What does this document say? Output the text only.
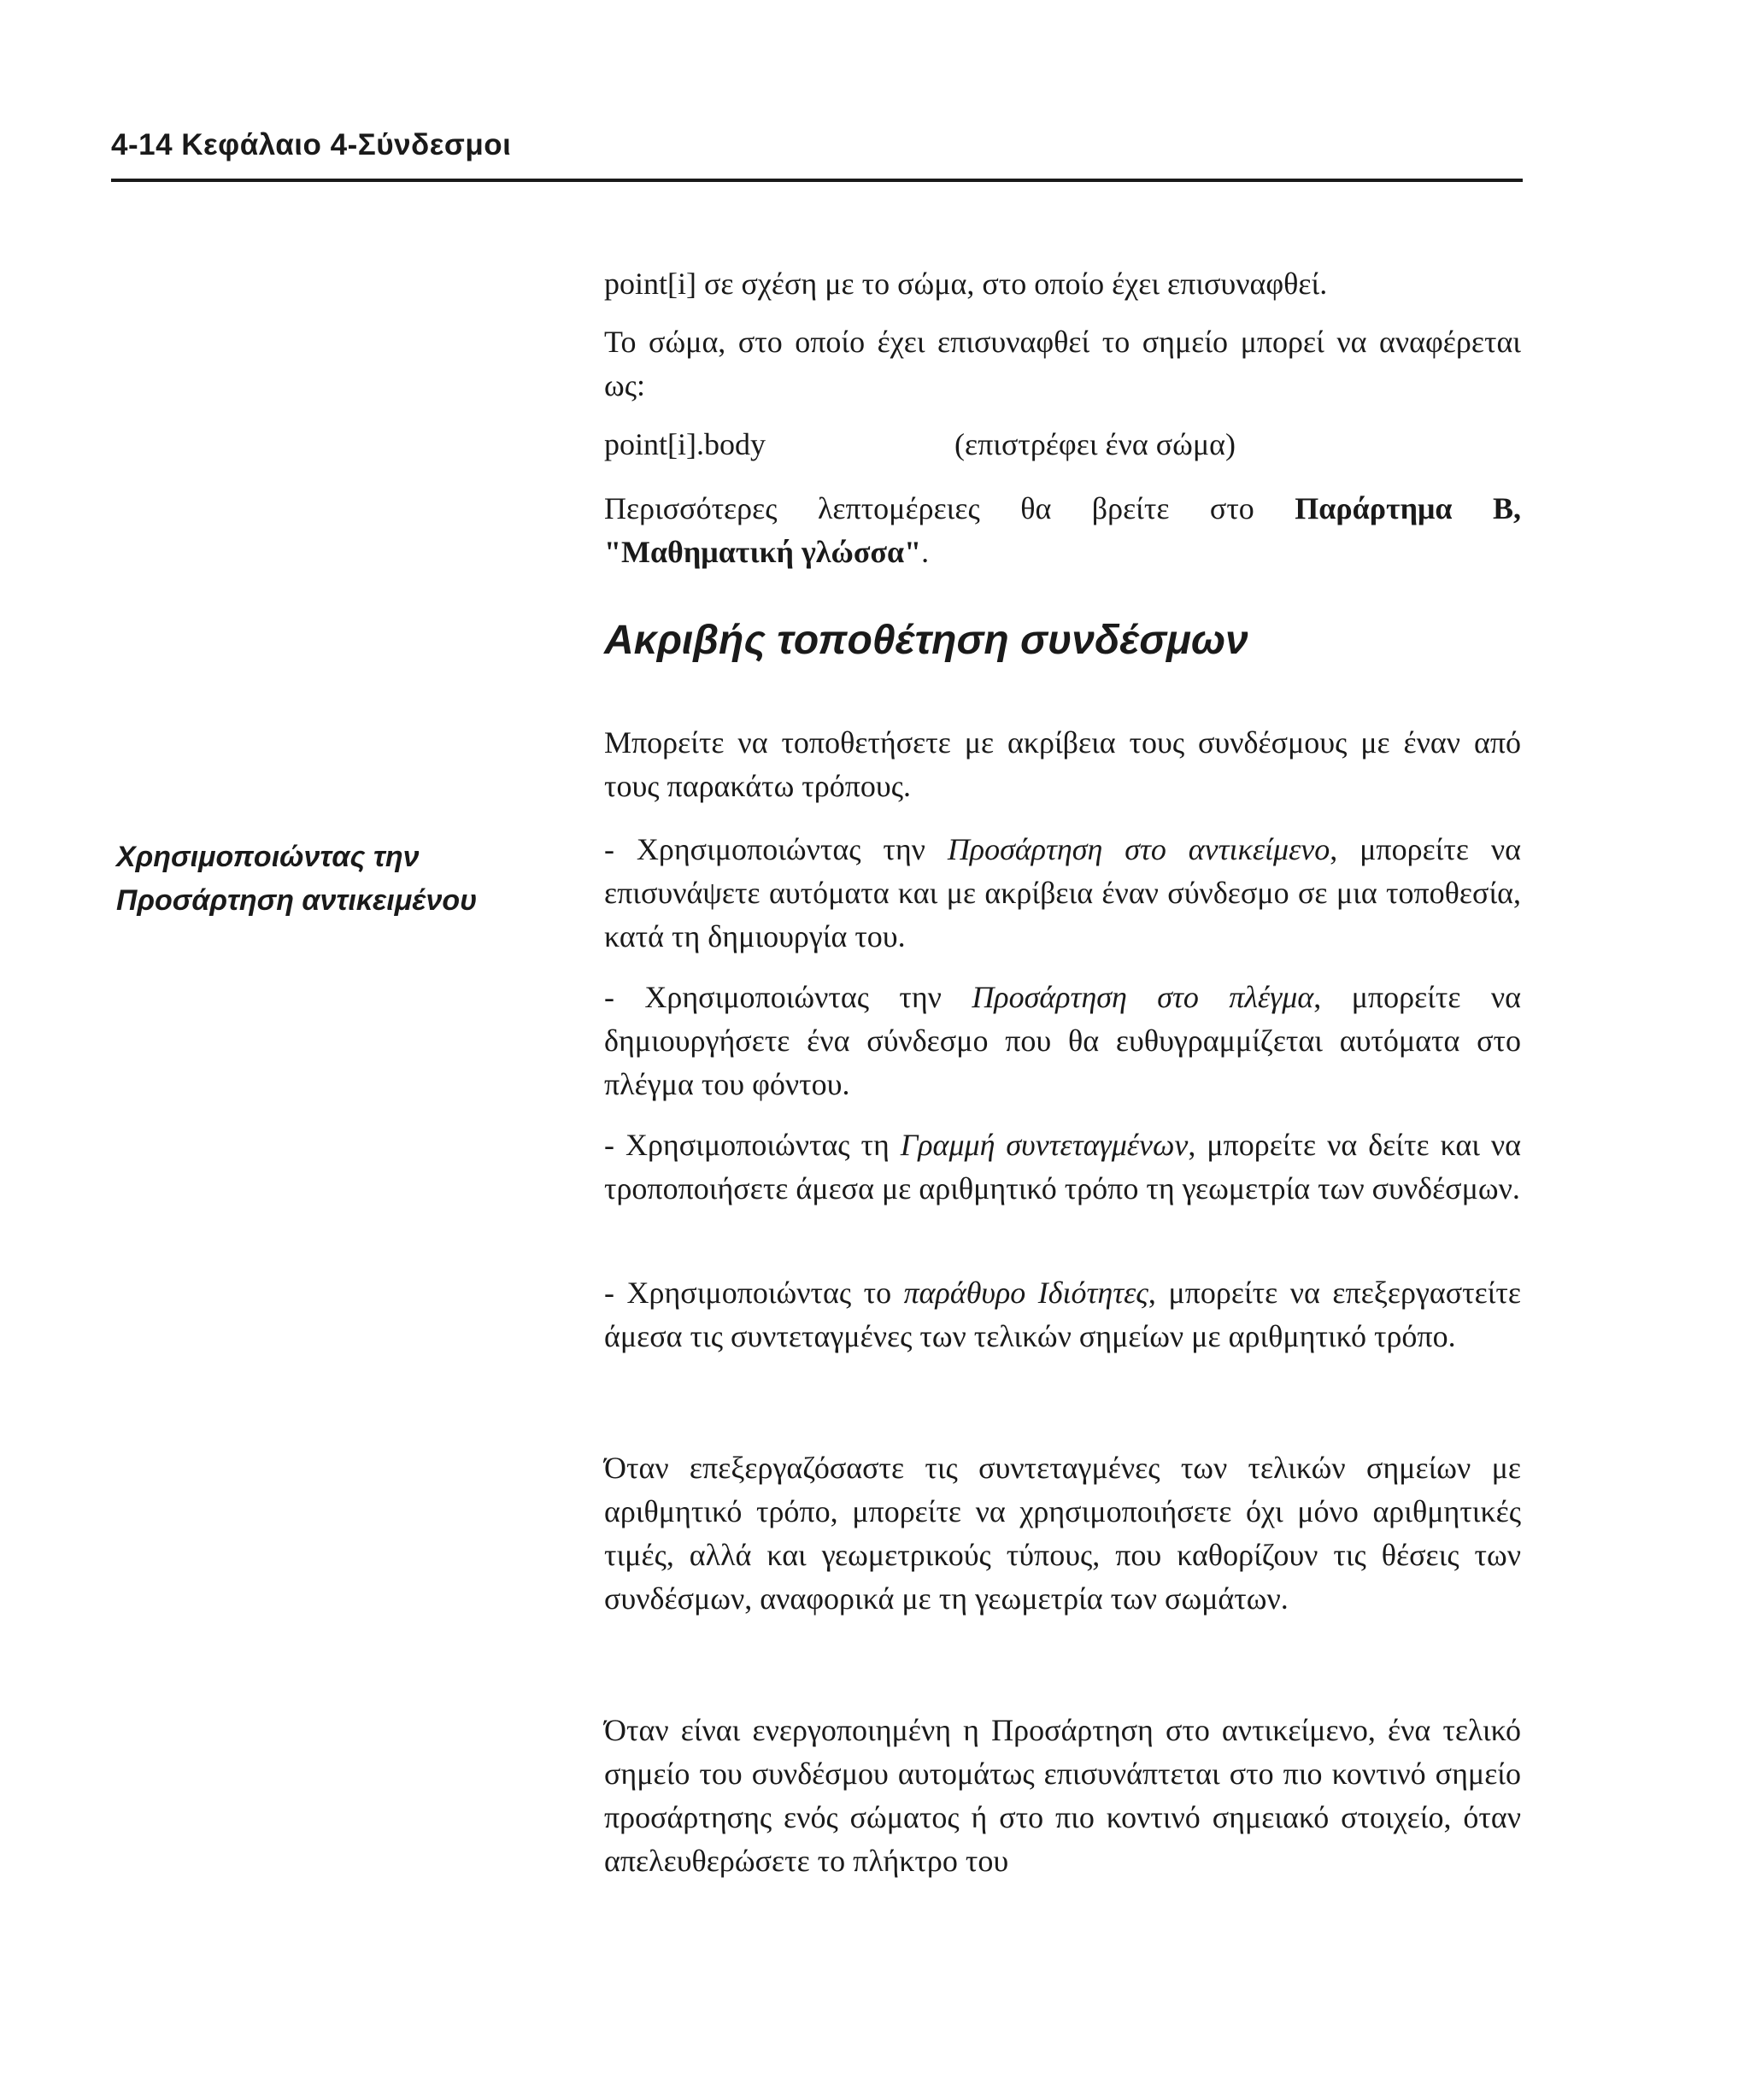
4-14 Κεφάλαιο 4-Σύνδεσμοι
point[i] σε σχέση με το σώμα, στο οποίο έχει επισυναφθεί.

Το σώμα, στο οποίο έχει επισυναφθεί το σημείο μπορεί να αναφέρεται ως:

point[i].body	(επιστρέφει ένα σώμα)

Περισσότερες λεπτομέρειες θα βρείτε στο Παράρτημα B, "Μαθηματική γλώσσα".

Ακριβής τοποθέτηση συνδέσμων

Μπορείτε να τοποθετήσετε με ακρίβεια τους συνδέσμους με έναν από τους παρακάτω τρόπους.

Χρησιμοποιώντας την
Προσάρτηση αντικειμένου

- Χρησιμοποιώντας την Προσάρτηση στο αντικείμενο, μπορείτε να επισυνάψετε αυτόματα και με ακρίβεια έναν σύνδεσμο σε μια τοποθεσία, κατά τη δημιουργία του.

- Χρησιμοποιώντας την Προσάρτηση στο πλέγμα, μπορείτε να δημιουργήσετε ένα σύνδεσμο που θα ευθυγραμμίζεται αυτόματα στο πλέγμα του φόντου.

- Χρησιμοποιώντας τη Γραμμή συντεταγμένων, μπορείτε να δείτε και να τροποποιήσετε άμεσα με αριθμητικό τρόπο τη γεωμετρία των συνδέσμων.

- Χρησιμοποιώντας το παράθυρο Ιδιότητες, μπορείτε να επεξεργαστείτε άμεσα τις συντεταγμένες των τελικών σημείων με αριθμητικό τρόπο.

Όταν επεξεργαζόσαστε τις συντεταγμένες των τελικών σημείων με αριθμητικό τρόπο, μπορείτε να χρησιμοποιήσετε όχι μόνο αριθμητικές τιμές, αλλά και γεωμετρικούς τύπους, που καθορίζουν τις θέσεις των συνδέσμων, αναφορικά με τη γεωμετρία των σωμάτων.

Όταν είναι ενεργοποιημένη η Προσάρτηση στο αντικείμενο, ένα τελικό σημείο του συνδέσμου αυτομάτως επισυνάπτεται στο πιο κοντινό σημείο προσάρτησης ενός σώματος ή στο πιο κοντινό σημειακό στοιχείο, όταν απελευθερώσετε το πλήκτρο του
